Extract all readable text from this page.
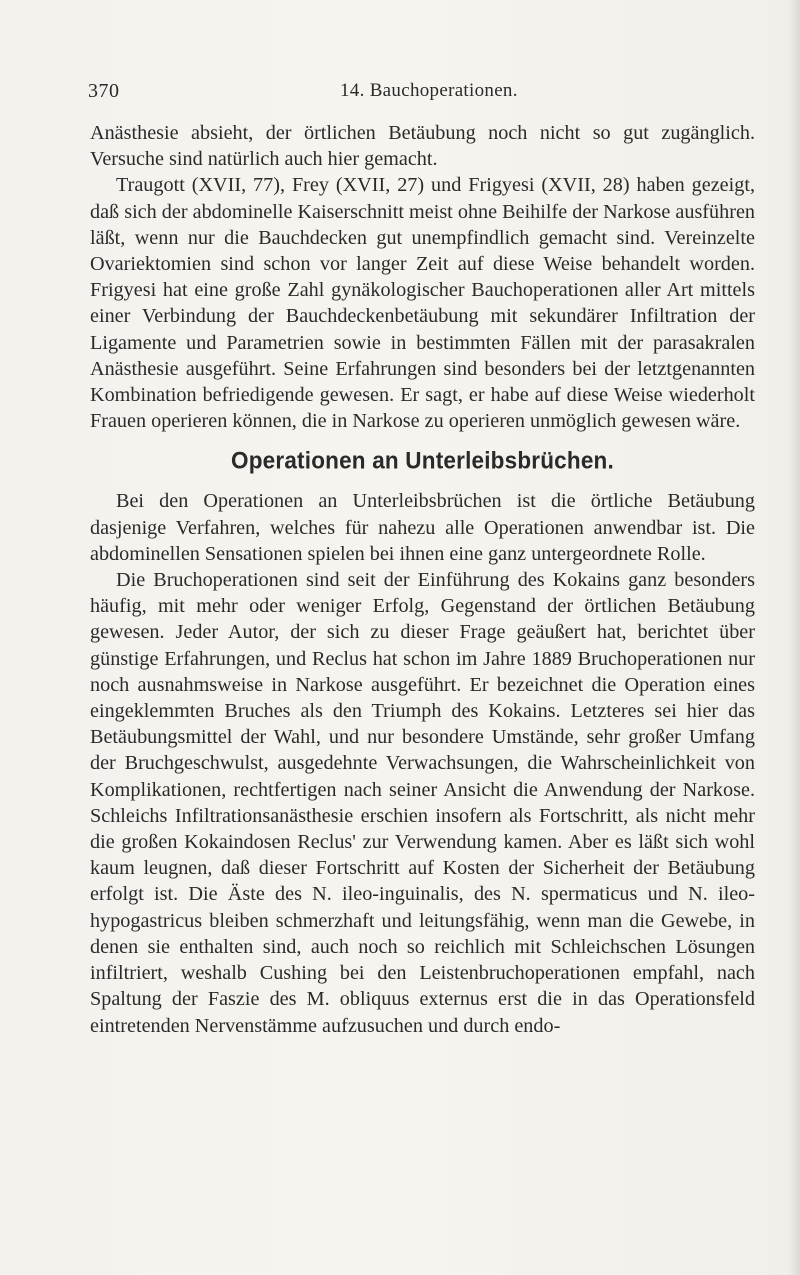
370	14. Bauchoperationen.

Anästhesie absieht, der örtlichen Betäubung noch nicht so gut zugänglich. Versuche sind natürlich auch hier gemacht.

Traugott (XVII, 77), Frey (XVII, 27) und Frigyesi (XVII, 28) haben gezeigt, daß sich der abdominelle Kaiserschnitt meist ohne Beihilfe der Narkose ausführen läßt, wenn nur die Bauchdecken gut unempfindlich gemacht sind. Vereinzelte Ovariektomien sind schon vor langer Zeit auf diese Weise behandelt worden. Frigyesi hat eine große Zahl gynäkologischer Bauchoperationen aller Art mittels einer Verbindung der Bauchdeckenbetäubung mit sekundärer Infiltration der Ligamente und Parametrien sowie in bestimmten Fällen mit der parasakralen Anästhesie ausgeführt. Seine Erfahrungen sind besonders bei der letztgenannten Kombination befriedigende gewesen. Er sagt, er habe auf diese Weise wiederholt Frauen operieren können, die in Narkose zu operieren unmöglich gewesen wäre.

Operationen an Unterleibsbrüchen.

Bei den Operationen an Unterleibsbrüchen ist die örtliche Betäubung dasjenige Verfahren, welches für nahezu alle Operationen anwendbar ist. Die abdominellen Sensationen spielen bei ihnen eine ganz untergeordnete Rolle.

Die Bruchoperationen sind seit der Einführung des Kokains ganz besonders häufig, mit mehr oder weniger Erfolg, Gegenstand der örtlichen Betäubung gewesen. Jeder Autor, der sich zu dieser Frage geäußert hat, berichtet über günstige Erfahrungen, und Reclus hat schon im Jahre 1889 Bruchoperationen nur noch ausnahmsweise in Narkose ausgeführt. Er bezeichnet die Operation eines eingeklemmten Bruches als den Triumph des Kokains. Letzteres sei hier das Betäubungsmittel der Wahl, und nur besondere Umstände, sehr großer Umfang der Bruchgeschwulst, ausgedehnte Verwachsungen, die Wahrscheinlichkeit von Komplikationen, rechtfertigen nach seiner Ansicht die Anwendung der Narkose. Schleichs Infiltrationsanästhesie erschien insofern als Fortschritt, als nicht mehr die großen Kokaindosen Reclus' zur Verwendung kamen. Aber es läßt sich wohl kaum leugnen, daß dieser Fortschritt auf Kosten der Sicherheit der Betäubung erfolgt ist. Die Äste des N. ileo-inguinalis, des N. spermaticus und N. ileo-hypogastricus bleiben schmerzhaft und leitungsfähig, wenn man die Gewebe, in denen sie enthalten sind, auch noch so reichlich mit Schleichschen Lösungen infiltriert, weshalb Cushing bei den Leistenbruchoperationen empfahl, nach Spaltung der Faszie des M. obliquus externus erst die in das Operationsfeld eintretenden Nervenstämme aufzusuchen und durch endo-
